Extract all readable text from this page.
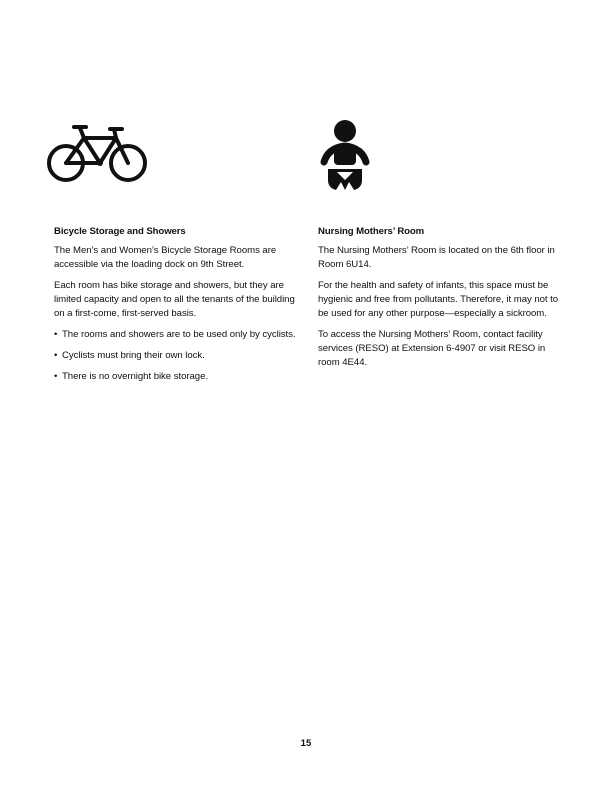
Bicycle Storage and Showers

The Men’s and Women’s Bicycle Storage Rooms are accessible via the loading dock on 9th Street.

Each room has bike storage and showers, but they are limited capacity and open to all the tenants of the building on a first-come, first-served basis.

• The rooms and showers are to be used only by cyclists.
• Cyclists must bring their own lock.
• There is no overnight bike storage.
Nursing Mothers’ Room

The Nursing Mothers’ Room is located on the 6th floor in Room 6U14.

For the health and safety of infants, this space must be hygienic and free from pollutants. Therefore, it may not to be used for any other purpose—especially a sickroom.

To access the Nursing Mothers’ Room, contact facility services (RESO) at Extension 6-4907 or visit RESO in room 4E44.

15
